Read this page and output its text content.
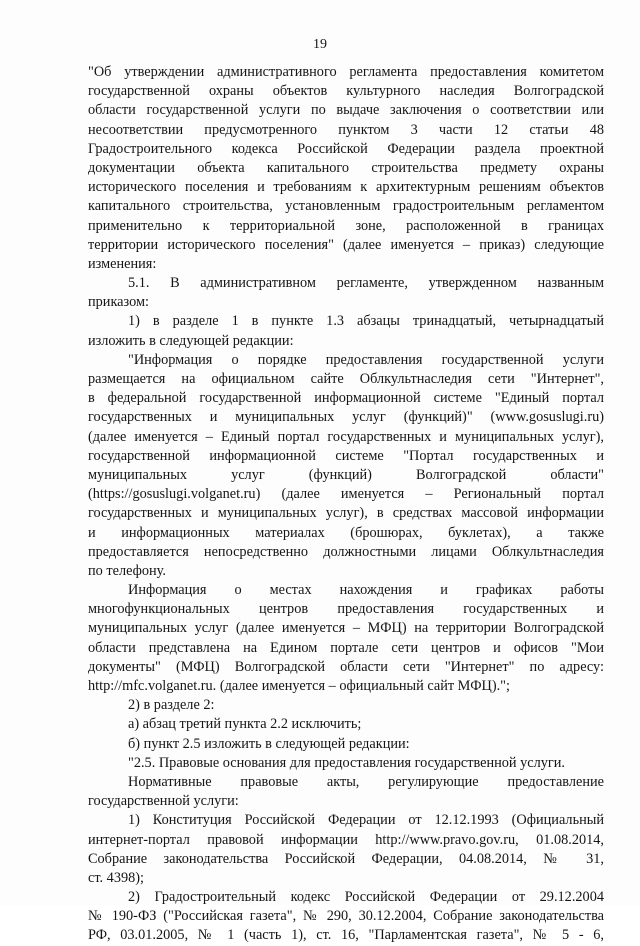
19
"Об утверждении административного регламента предоставления комитетом
государственной охраны объектов культурного наследия Волгоградской
области государственной услуги по выдаче заключения о соответствии или
несоответствии предусмотренного пунктом 3 части 12 статьи 48
Градостроительного кодекса Российской Федерации раздела проектной
документации объекта капитального строительства предмету охраны
исторического поселения и требованиям к архитектурным решениям объектов
капитального строительства, установленным градостроительным регламентом
применительно к территориальной зоне, расположенной в границах
территории исторического поселения" (далее именуется – приказ) следующие
изменения:
5.1. В административном регламенте, утвержденном названным
приказом:
1) в разделе 1 в пункте 1.3 абзацы тринадцатый, четырнадцатый
изложить в следующей редакции:
"Информация о порядке предоставления государственной услуги
размещается на официальном сайте Облкультнаследия сети "Интернет",
в федеральной государственной информационной системе "Единый портал
государственных и муниципальных услуг (функций)" (www.gosuslugi.ru)
(далее именуется – Единый портал государственных и муниципальных услуг),
государственной информационной системе "Портал государственных и
муниципальных услуг (функций) Волгоградской области"
(https://gosuslugi.volganet.ru) (далее именуется – Региональный портал
государственных и муниципальных услуг), в средствах массовой информации
и информационных материалах (брошюрах, буклетах), а также
предоставляется непосредственно должностными лицами Облкультнаследия
по телефону.
Информация о местах нахождения и графиках работы
многофункциональных центров предоставления государственных и
муниципальных услуг (далее именуется – МФЦ) на территории Волгоградской
области представлена на Едином портале сети центров и офисов "Мои
документы" (МФЦ) Волгоградской области сети "Интернет" по адресу:
http://mfc.volganet.ru. (далее именуется – официальный сайт МФЦ).";
2) в разделе 2:
а) абзац третий пункта 2.2 исключить;
б) пункт 2.5 изложить в следующей редакции:
"2.5. Правовые основания для предоставления государственной услуги.
Нормативные правовые акты, регулирующие предоставление
государственной услуги:
1) Конституция Российской Федерации от 12.12.1993 (Официальный
интернет-портал правовой информации http://www.pravo.gov.ru, 01.08.2014,
Собрание законодательства Российской Федерации, 04.08.2014, № 31,
ст. 4398);
2) Градостроительный кодекс Российской Федерации от 29.12.2004
№ 190-ФЗ ("Российская газета", № 290, 30.12.2004, Собрание законодательства
РФ, 03.01.2005, № 1 (часть 1), ст. 16, "Парламентская газета", № 5 - 6,
